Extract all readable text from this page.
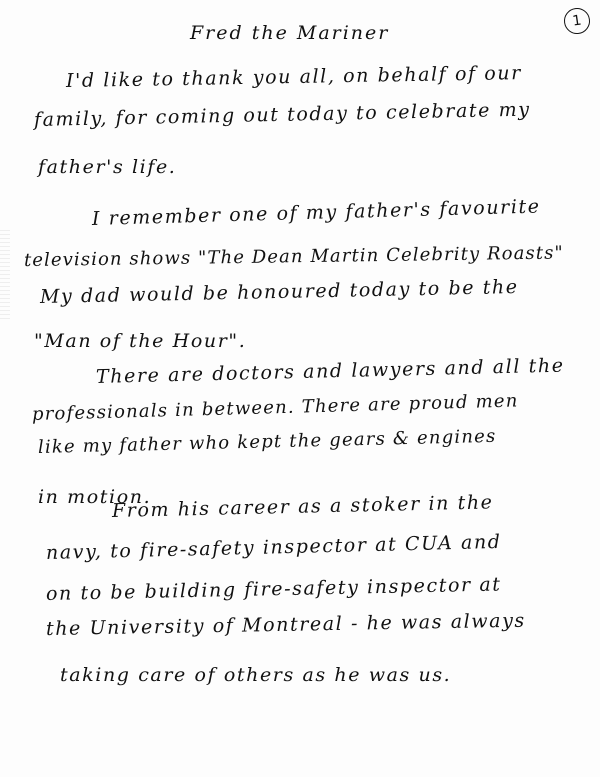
Fred the Mariner
1
I'd like to thank you all, on behalf of our
family, for coming out today to celebrate my
father's life.
I remember one of my father's favourite
television shows "The Dean Martin Celebrity Roasts"
My dad would be honoured today to be the
"Man of the Hour".
There are doctors and lawyers and all the
professionals in between. There are proud men
like my father who kept the gears & engines
in motion.
From his career as a stoker in the
navy, to fire-safety inspector at CUA and
on to be building fire-safety inspector at
the University of Montreal - he was always
taking care of others as he was us.
